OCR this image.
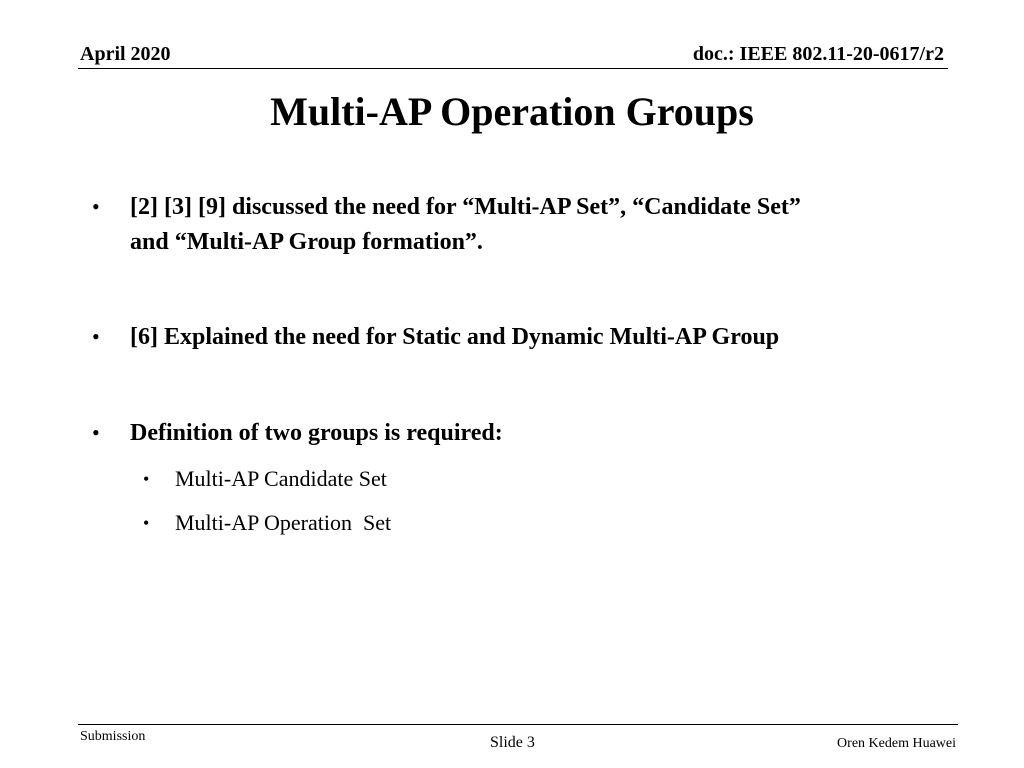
April 2020	doc.: IEEE 802.11-20-0617/r2
Multi-AP Operation Groups
• [2] [3] [9] discussed the need for “Multi-AP Set”, “Candidate Set”
and “Multi-AP Group formation”.
• [6] Explained the need for Static and Dynamic Multi-AP Group
• Definition of two groups is required:
• Multi-AP Candidate Set
• Multi-AP Operation  Set
Submission	Slide 3	Oren Kedem Huawei
